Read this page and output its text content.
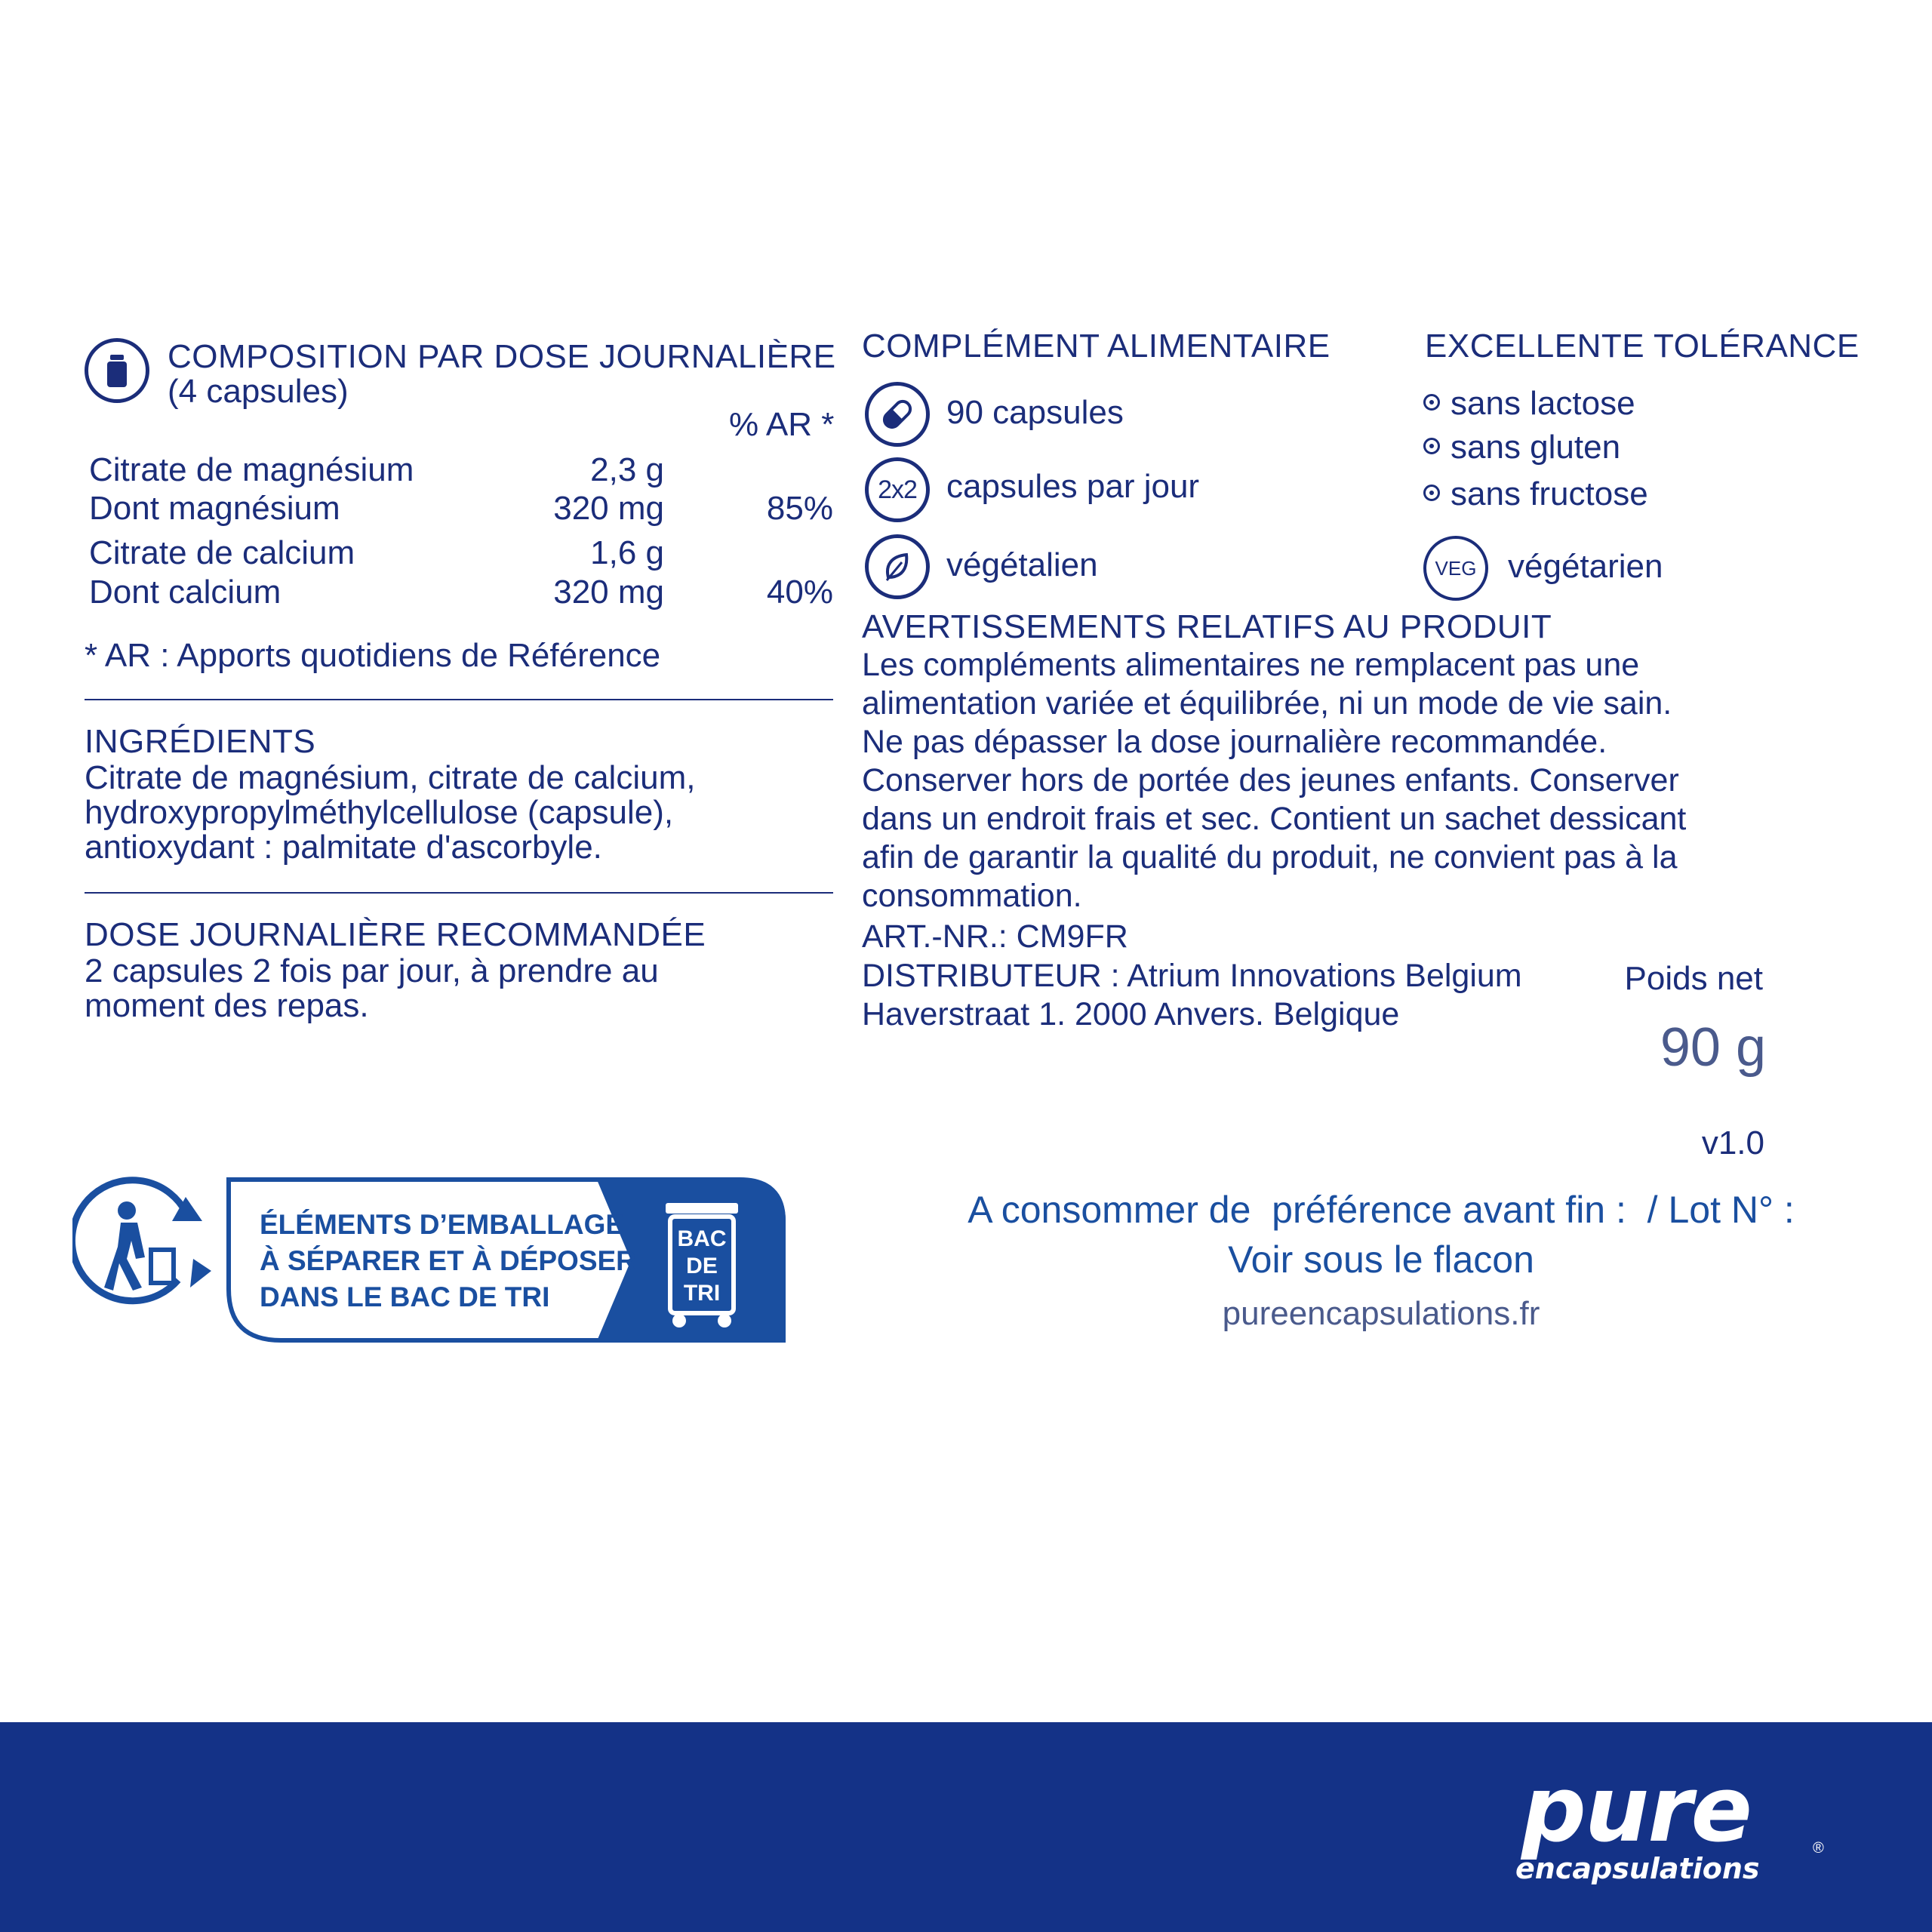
COMPOSITION PAR DOSE JOURNALIÈRE
(4 capsules)
% AR *
Citrate de magnésium	2,3 g
Dont magnésium	320 mg	85%
Citrate de calcium	1,6 g
Dont calcium	320 mg	40%
* AR : Apports quotidiens de Référence
INGRÉDIENTS
Citrate de magnésium, citrate de calcium,
hydroxypropylméthylcellulose (capsule),
antioxydant : palmitate d'ascorbyle.
DOSE JOURNALIÈRE RECOMMANDÉE
2 capsules 2 fois par jour, à prendre au
moment des repas.
COMPLÉMENT ALIMENTAIRE
90 capsules
2x2 capsules par jour
végétalien
EXCELLENTE TOLÉRANCE
sans lactose
sans gluten
sans fructose
VEG végétarien
AVERTISSEMENTS RELATIFS AU PRODUIT
Les compléments alimentaires ne remplacent pas une
alimentation variée et équilibrée, ni un mode de vie sain.
Ne pas dépasser la dose journalière recommandée.
Conserver hors de portée des jeunes enfants. Conserver
dans un endroit frais et sec. Contient un sachet dessicant
afin de garantir la qualité du produit, ne convient pas à la
consommation.
ART.-NR.: CM9FR
DISTRIBUTEUR : Atrium Innovations Belgium
Haverstraat 1. 2000 Anvers. Belgique
Poids net
90 g
v1.0
ÉLÉMENTS D’EMBALLAGE
À SÉPARER ET À DÉPOSER
DANS LE BAC DE TRI
BAC
DE
TRI
A consommer de  préférence avant fin :  / Lot N° :
Voir sous le flacon
pureencapsulations.fr
pure
encapsulations
®
